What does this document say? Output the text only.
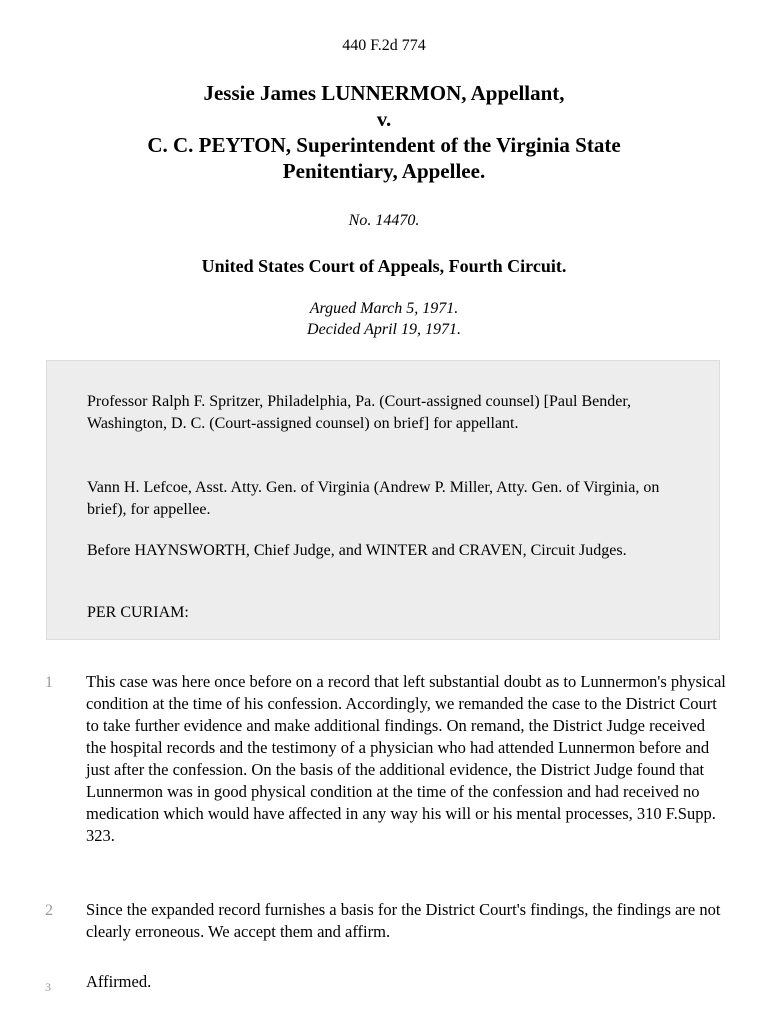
440 F.2d 774
Jessie James LUNNERMON, Appellant,
v.
C. C. PEYTON, Superintendent of the Virginia State
Penitentiary, Appellee.
No. 14470.
United States Court of Appeals, Fourth Circuit.
Argued March 5, 1971.
Decided April 19, 1971.

Professor Ralph F. Spritzer, Philadelphia, Pa. (Court-assigned counsel) [Paul Bender, Washington, D. C. (Court-assigned counsel) on brief] for appellant.

Vann H. Lefcoe, Asst. Atty. Gen. of Virginia (Andrew P. Miller, Atty. Gen. of Virginia, on brief), for appellee.

Before HAYNSWORTH, Chief Judge, and WINTER and CRAVEN, Circuit Judges.

PER CURIAM:

1 This case was here once before on a record that left substantial doubt as to Lunnermon's physical condition at the time of his confession. Accordingly, we remanded the case to the District Court to take further evidence and make additional findings. On remand, the District Judge received the hospital records and the testimony of a physician who had attended Lunnermon before and just after the confession. On the basis of the additional evidence, the District Judge found that Lunnermon was in good physical condition at the time of the confession and had received no medication which would have affected in any way his will or his mental processes, 310 F.Supp. 323.
2 Since the expanded record furnishes a basis for the District Court's findings, the findings are not clearly erroneous. We accept them and affirm.
3 Affirmed.
